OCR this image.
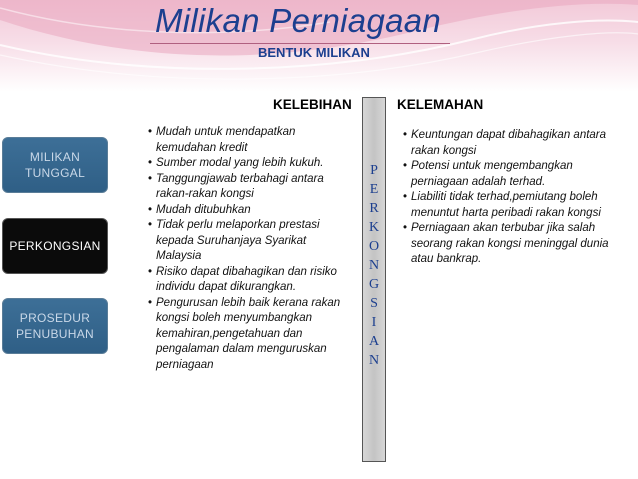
Milikan Perniagaan
BENTUK MILIKAN
KELEBIHAN	KELEMAHAN
MILIKAN
TUNGGAL
PERKONGSIAN
PROSEDUR
PENUBUHAN
• Mudah untuk mendapatkan kemudahan kredit
• Sumber modal yang lebih kukuh.
• Tanggungjawab terbahagi antara rakan-rakan kongsi
• Mudah ditubuhkan
• Tidak perlu melaporkan prestasi kepada Suruhanjaya Syarikat Malaysia
• Risiko dapat dibahagikan dan risiko individu dapat dikurangkan.
• Pengurusan lebih baik kerana rakan kongsi boleh menyumbangkan kemahiran,pengetahuan dan pengalaman dalam menguruskan perniagaan
P
E
R
K
O
N
G
S
I
A
N
• Keuntungan dapat dibahagikan antara rakan kongsi
• Potensi untuk mengembangkan perniagaan adalah terhad.
• Liabiliti tidak terhad,pemiutang boleh menuntut harta peribadi rakan kongsi
• Perniagaan akan terbubar jika salah seorang rakan kongsi meninggal dunia atau bankrap.
